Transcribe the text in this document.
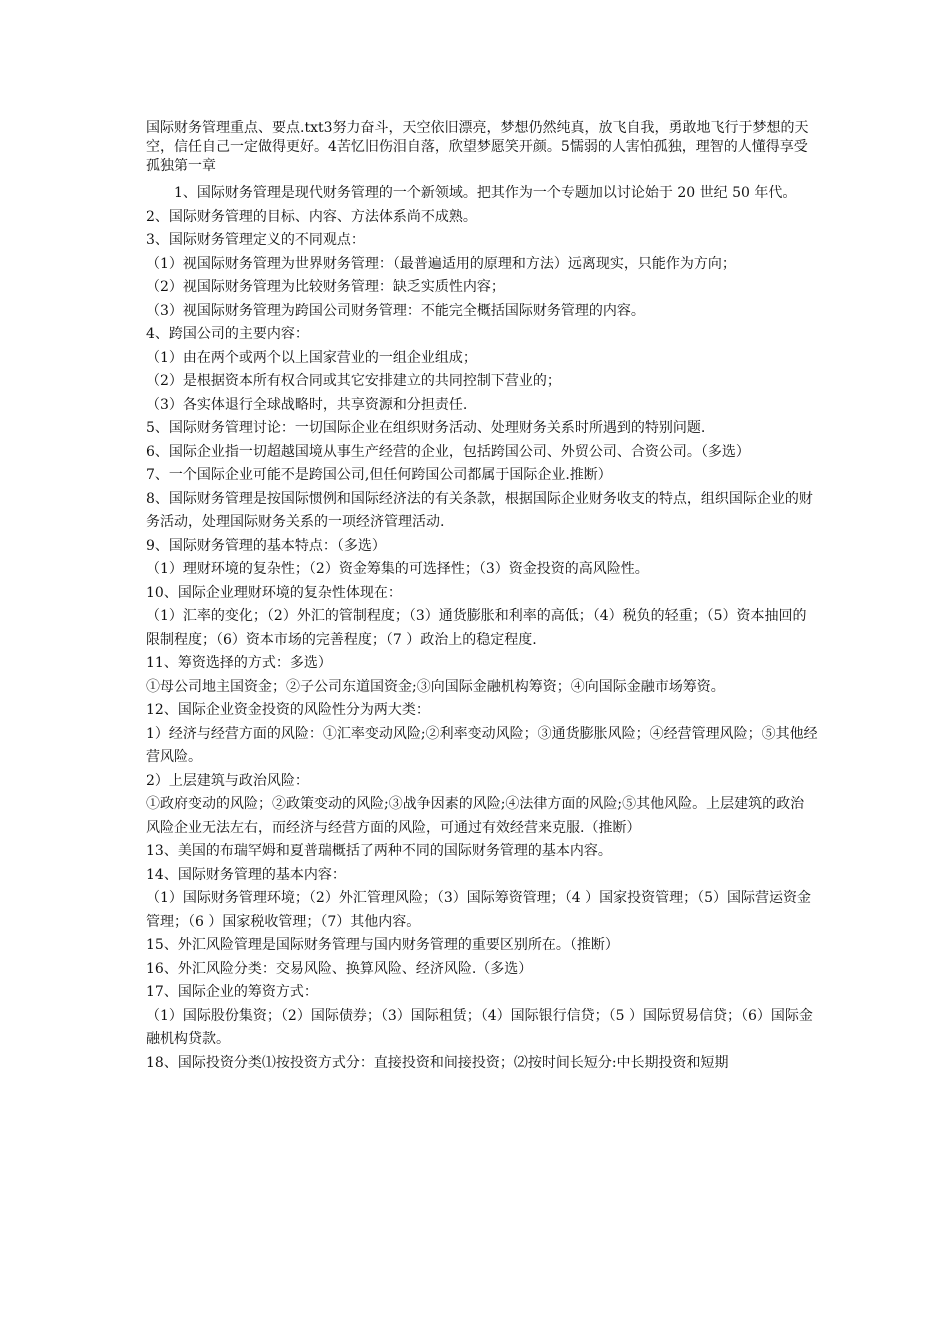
国际财务管理重点、要点.txt3努力奋斗，天空依旧漂亮，梦想仍然纯真，放飞自我，勇敢地飞行于梦想的天空，信任自己一定做得更好。4苦忆旧伤泪自落，欣望梦愿笑开颜。5懦弱的人害怕孤独，理智的人懂得享受孤独第一章

1、国际财务管理是现代财务管理的一个新领域。把其作为一个专题加以讨论始于 20 世纪 50 年代。

2、国际财务管理的目标、内容、方法体系尚不成熟。

3、国际财务管理定义的不同观点：

（1）视国际财务管理为世界财务管理：（最普遍适用的原理和方法）远离现实，只能作为方向；

（2）视国际财务管理为比较财务管理：缺乏实质性内容；

（3）视国际财务管理为跨国公司财务管理：不能完全概括国际财务管理的内容。

4、跨国公司的主要内容：

（1）由在两个或两个以上国家营业的一组企业组成；

（2）是根据资本所有权合同或其它安排建立的共同控制下营业的；

（3）各实体退行全球战略时，共享资源和分担责任.

5、国际财务管理讨论：一切国际企业在组织财务活动、处理财务关系时所遇到的特别问题.

6、国际企业指一切超越国境从事生产经营的企业，包括跨国公司、外贸公司、合资公司。（多选）

7、一个国际企业可能不是跨国公司,但任何跨国公司都属于国际企业.推断）

8、国际财务管理是按国际惯例和国际经济法的有关条款，根据国际企业财务收支的特点，组织国际企业的财务活动，处理国际财务关系的一项经济管理活动.

9、国际财务管理的基本特点：（多选）

（1）理财环境的复杂性；（2）资金筹集的可选择性；（3）资金投资的高风险性。

10、国际企业理财环境的复杂性体现在：

（1）汇率的变化；（2）外汇的管制程度；（3）通货膨胀和利率的高低；（4）税负的轻重；（5）资本抽回的限制程度；（6）资本市场的完善程度；（7 ）政治上的稳定程度.

11、筹资选择的方式：多选）

①母公司地主国资金；②子公司东道国资金;③向国际金融机构筹资；④向国际金融市场筹资。

12、国际企业资金投资的风险性分为两大类：

1）经济与经营方面的风险：①汇率变动风险;②利率变动风险；③通货膨胀风险；④经营管理风险；⑤其他经营风险。

2）上层建筑与政治风险：

①政府变动的风险；②政策变动的风险;③战争因素的风险;④法律方面的风险;⑤其他风险。上层建筑的政治风险企业无法左右，而经济与经营方面的风险，可通过有效经营来克服.（推断）

13、美国的布瑞罕姆和夏普瑞概括了两种不同的国际财务管理的基本内容。

14、国际财务管理的基本内容：

（1）国际财务管理环境；（2）外汇管理风险；（3）国际筹资管理；（4 ）国家投资管理；（5）国际营运资金管理；（6 ）国家税收管理；（7）其他内容。

15、外汇风险管理是国际财务管理与国内财务管理的重要区别所在。（推断）

16、外汇风险分类：交易风险、换算风险、经济风险.（多选）

17、国际企业的筹资方式：

（1）国际股份集资；（2）国际债券；（3）国际租赁；（4）国际银行信贷；（5 ）国际贸易信贷；（6）国际金融机构贷款。

18、国际投资分类⑴按投资方式分：直接投资和间接投资；⑵按时间长短分:中长期投资和短期
